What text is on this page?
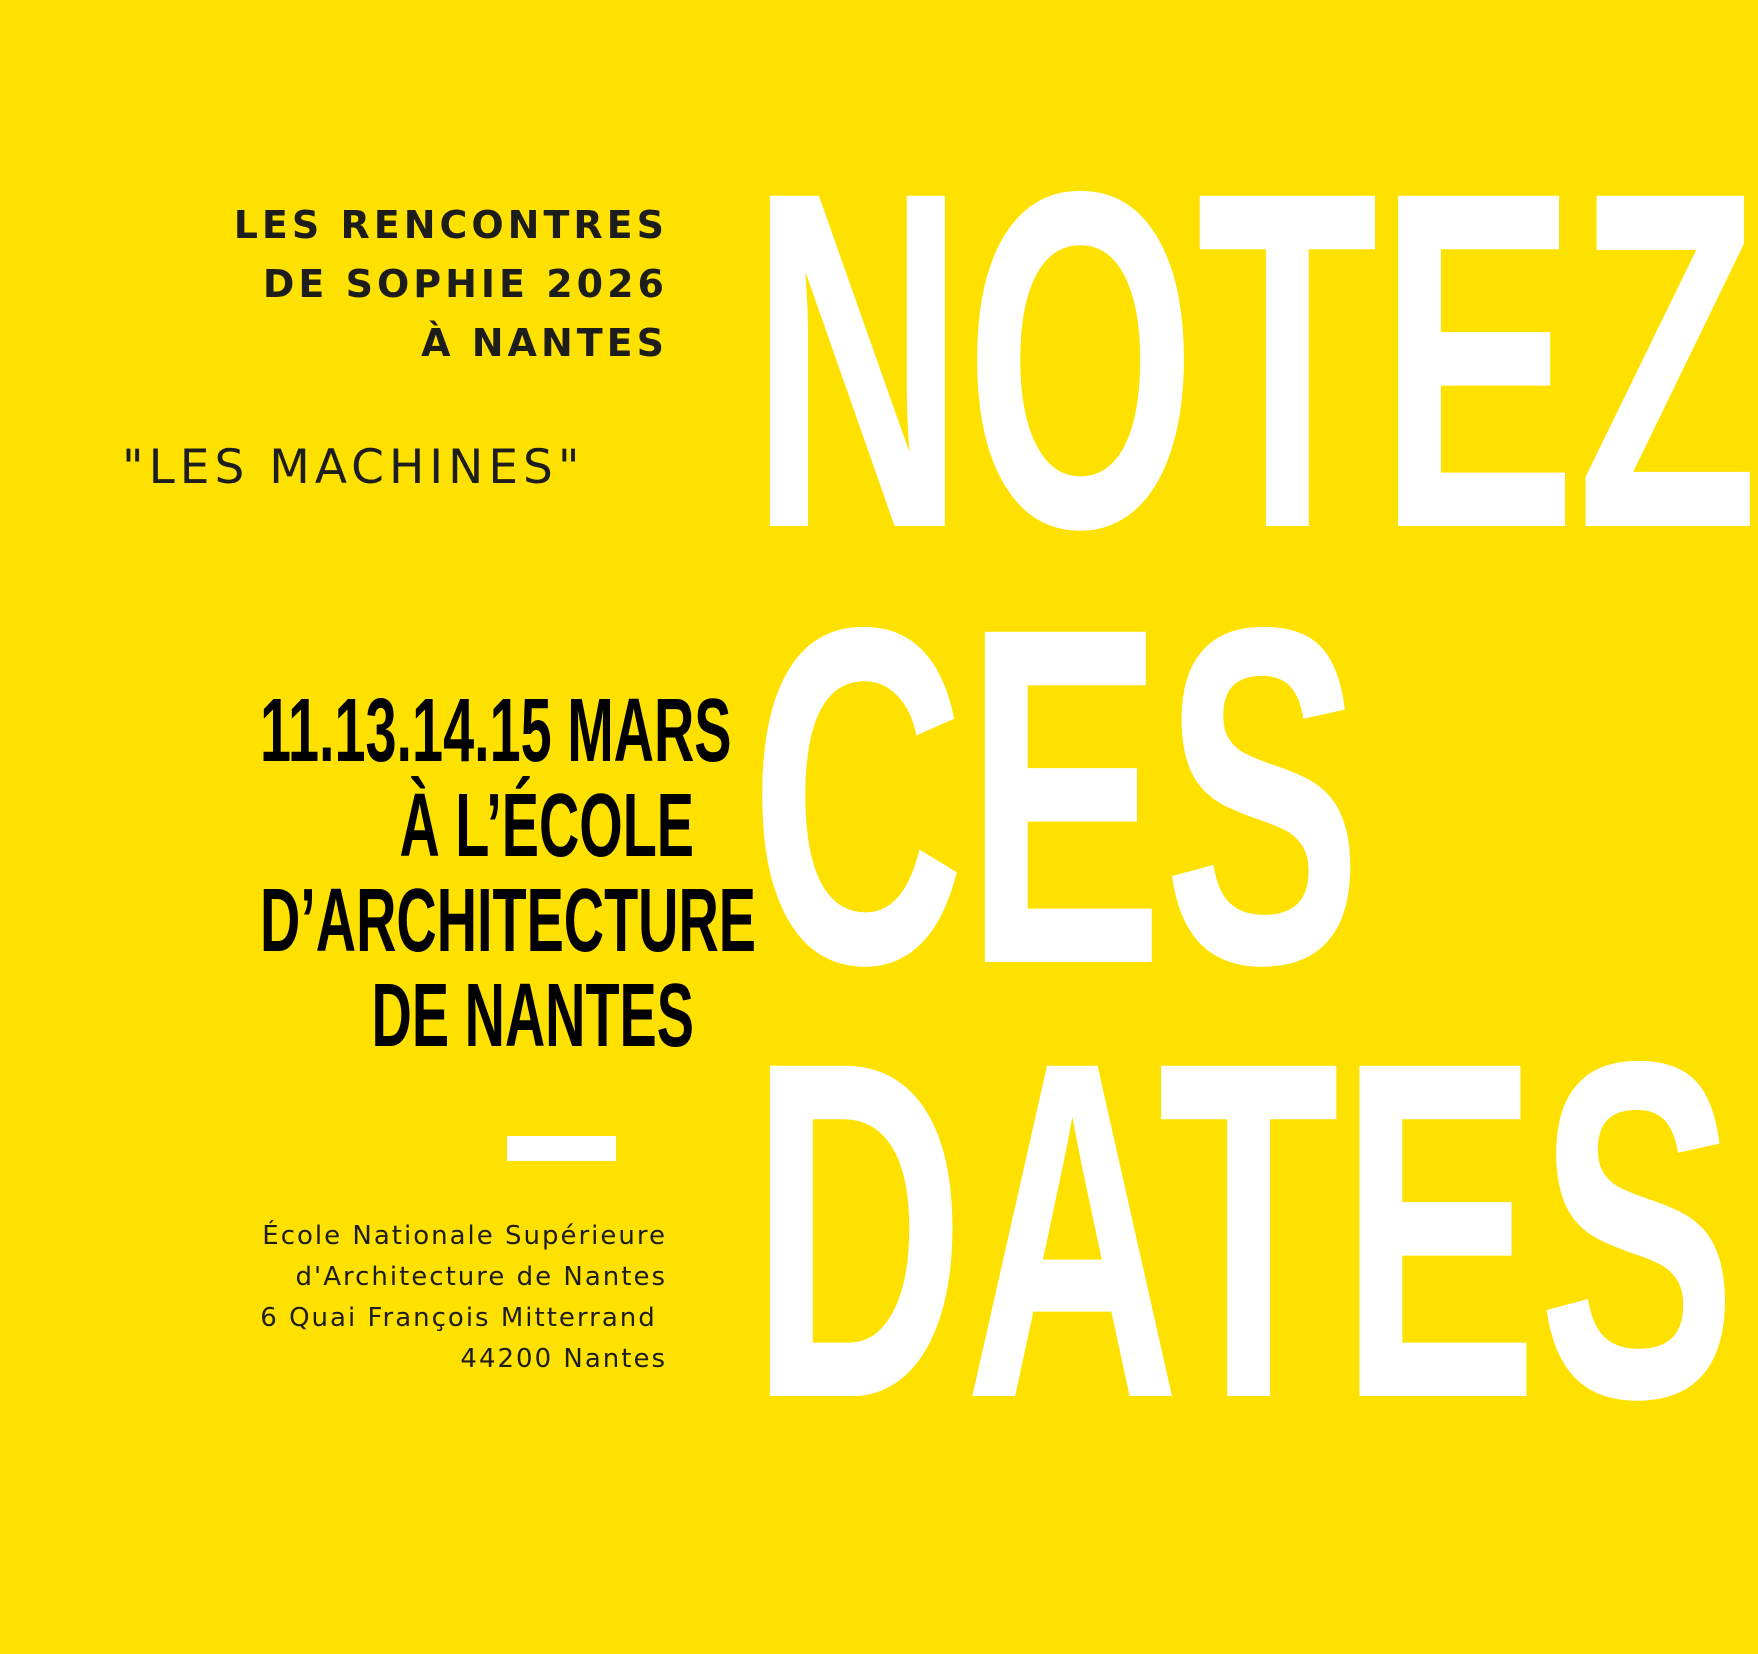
LES RENCONTRES
DE SOPHIE 2026
À NANTES
"LES MACHINES"
11.13.14.15 MARS
À L’ÉCOLE
D’ARCHITECTURE
DE NANTES
École Nationale Supérieure
d'Architecture de Nantes
6 Quai François Mitterrand
44200 Nantes
NOTEZ
CES
DATES
